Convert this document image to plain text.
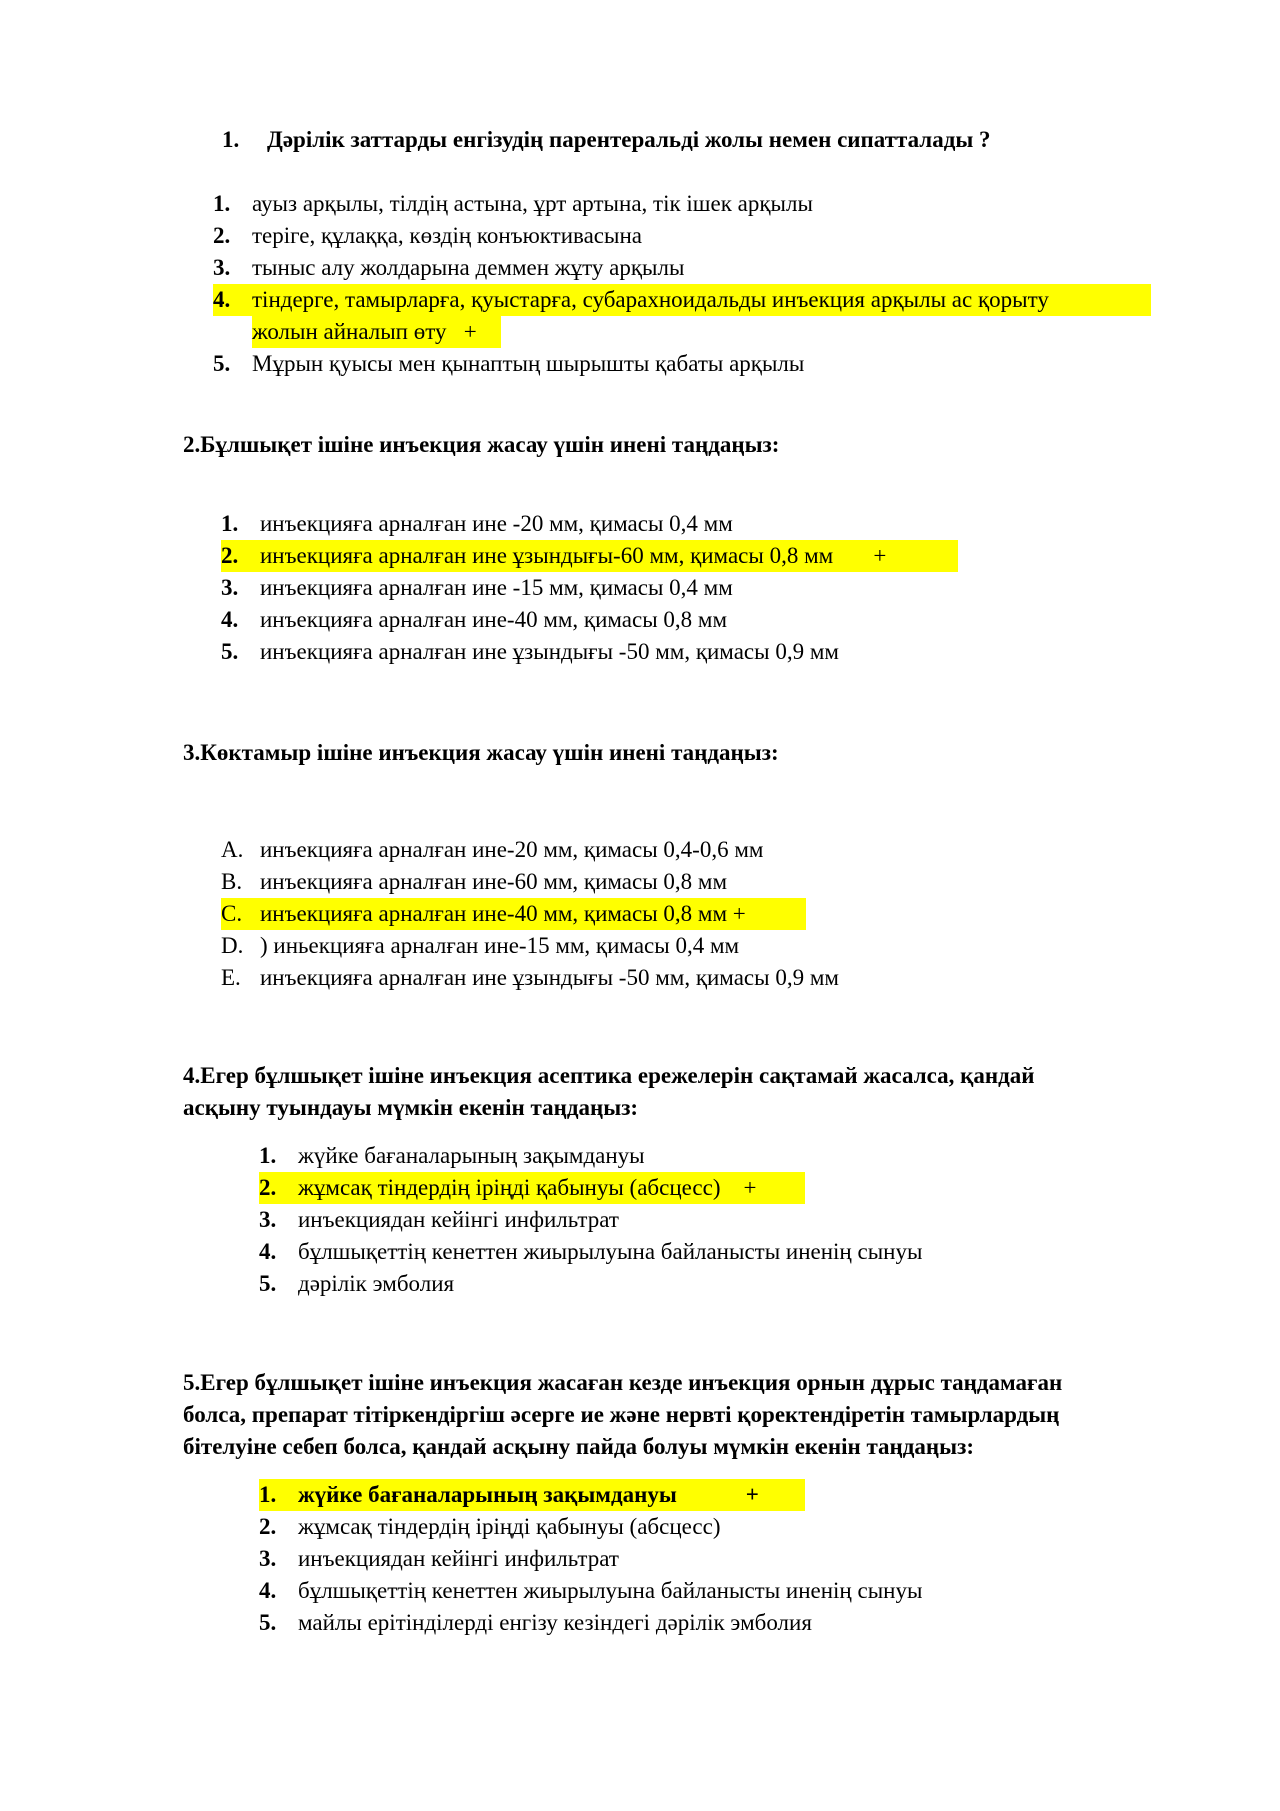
1. Дәрілік заттарды енгізудің парентеральді жолы немен сипатталады ?
1. ауыз арқылы, тілдің астына, ұрт артына, тік ішек арқылы
2. теріге, құлаққа, көздің конъюктивасына
3. тыныс алу жолдарына деммен жұту арқылы
4. тіндерге, тамырларға, қуыстарға, субарахноидальды инъекция арқылы ас қорыту
жолын айналып өту   +
5. Мұрын қуысы мен қынаптың шырышты қабаты арқылы
2.Бұлшықет ішіне инъекция жасау үшін инені таңдаңыз:
1. инъекцияға арналған ине -20 мм, қимасы 0,4 мм
2. инъекцияға арналған ине ұзындығы-60 мм, қимасы 0,8 мм       +
3. инъекцияға арналған ине -15 мм, қимасы 0,4 мм
4. инъекцияға арналған ине-40 мм, қимасы 0,8 мм
5. инъекцияға арналған ине ұзындығы -50 мм, қимасы 0,9 мм
3.Көктамыр ішіне инъекция жасау үшін инені таңдаңыз:
A. инъекцияға арналған ине-20 мм, қимасы 0,4-0,6 мм
B. инъекцияға арналған ине-60 мм, қимасы 0,8 мм
C. инъекцияға арналған ине-40 мм, қимасы 0,8 мм +
D. ) иньекцияға арналған ине-15 мм, қимасы 0,4 мм
E. инъекцияға арналған ине ұзындығы -50 мм, қимасы 0,9 мм
4.Егер бұлшықет ішіне инъекция асептика ережелерін сақтамай жасалса, қандай
асқыну туындауы мүмкін екенін таңдаңыз:
1. жүйке бағаналарының зақымдануы
2. жұмсақ тіндердің іріңді қабынуы (абсцесс)    +
3. инъекциядан кейінгі инфильтрат
4. бұлшықеттің кенеттен жиырылуына байланысты иненің сынуы
5. дәрілік эмболия
5.Егер бұлшықет ішіне инъекция жасаған кезде инъекция орнын дұрыс таңдамаған
болса, препарат тітіркендіргіш әсерге ие және нервті қоректендіретін тамырлардың
бітелуіне себеп болса, қандай асқыну пайда болуы мүмкін екенін таңдаңыз:
1. жүйке бағаналарының зақымдануы            +
2. жұмсақ тіндердің іріңді қабынуы (абсцесс)
3. инъекциядан кейінгі инфильтрат
4. бұлшықеттің кенеттен жиырылуына байланысты иненің сынуы
5. майлы ерітінділерді енгізу кезіндегі дәрілік эмболия
